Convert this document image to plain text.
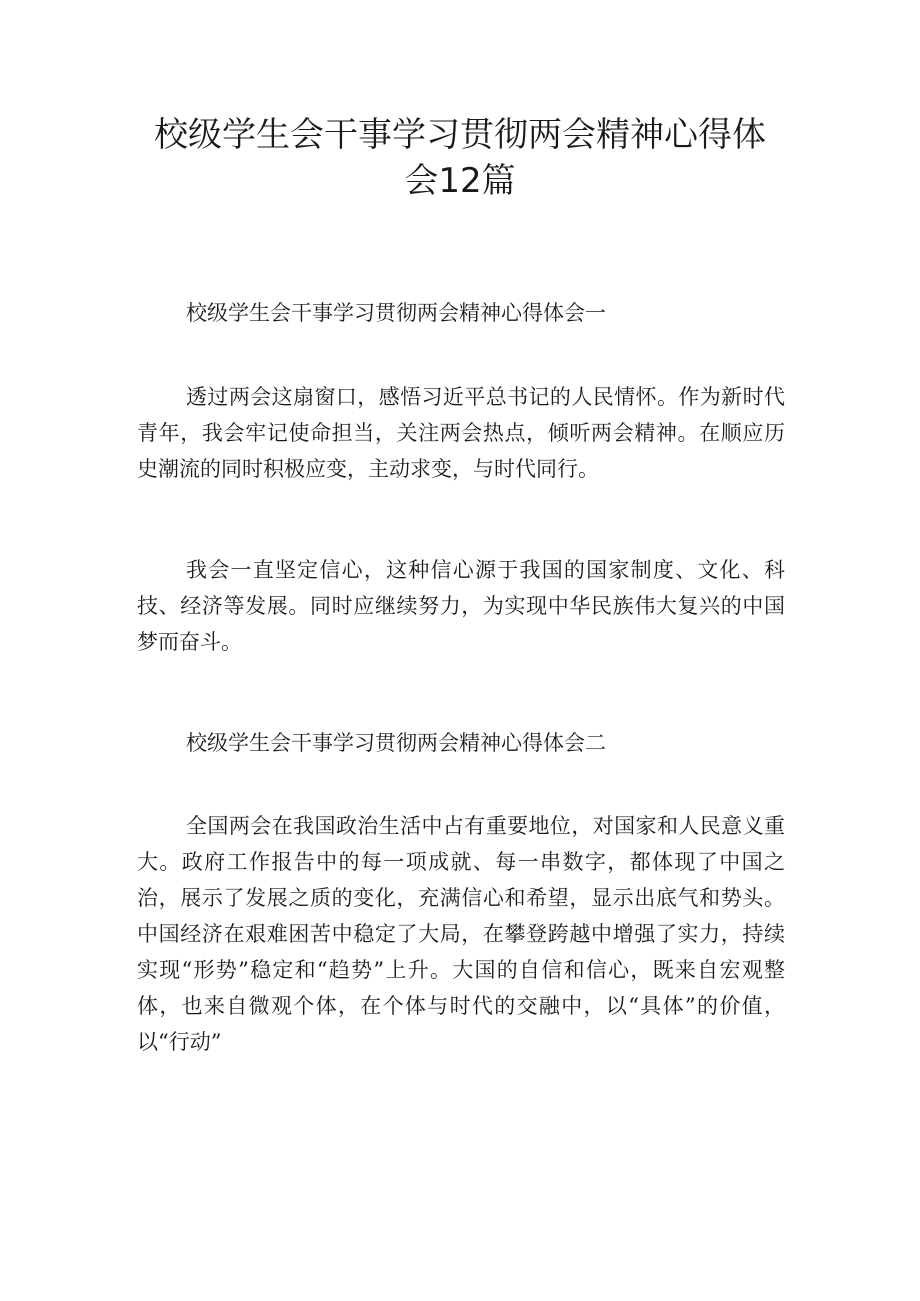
校级学生会干事学习贯彻两会精神心得体
会12篇

校级学生会干事学习贯彻两会精神心得体会一

透过两会这扇窗口，感悟习近平总书记的人民情怀。作为新时代青年，我会牢记使命担当，关注两会热点，倾听两会精神。在顺应历史潮流的同时积极应变，主动求变，与时代同行。

我会一直坚定信心，这种信心源于我国的国家制度、文化、科技、经济等发展。同时应继续努力，为实现中华民族伟大复兴的中国梦而奋斗。

校级学生会干事学习贯彻两会精神心得体会二

全国两会在我国政治生活中占有重要地位，对国家和人民意义重大。政府工作报告中的每一项成就、每一串数字，都体现了中国之治，展示了发展之质的变化，充满信心和希望，显示出底气和势头。中国经济在艰难困苦中稳定了大局，在攀登跨越中增强了实力，持续实现“形势”稳定和“趋势”上升。大国的自信和信心，既来自宏观整体，也来自微观个体，在个体与时代的交融中，以“具体”的价值，以“行动”
